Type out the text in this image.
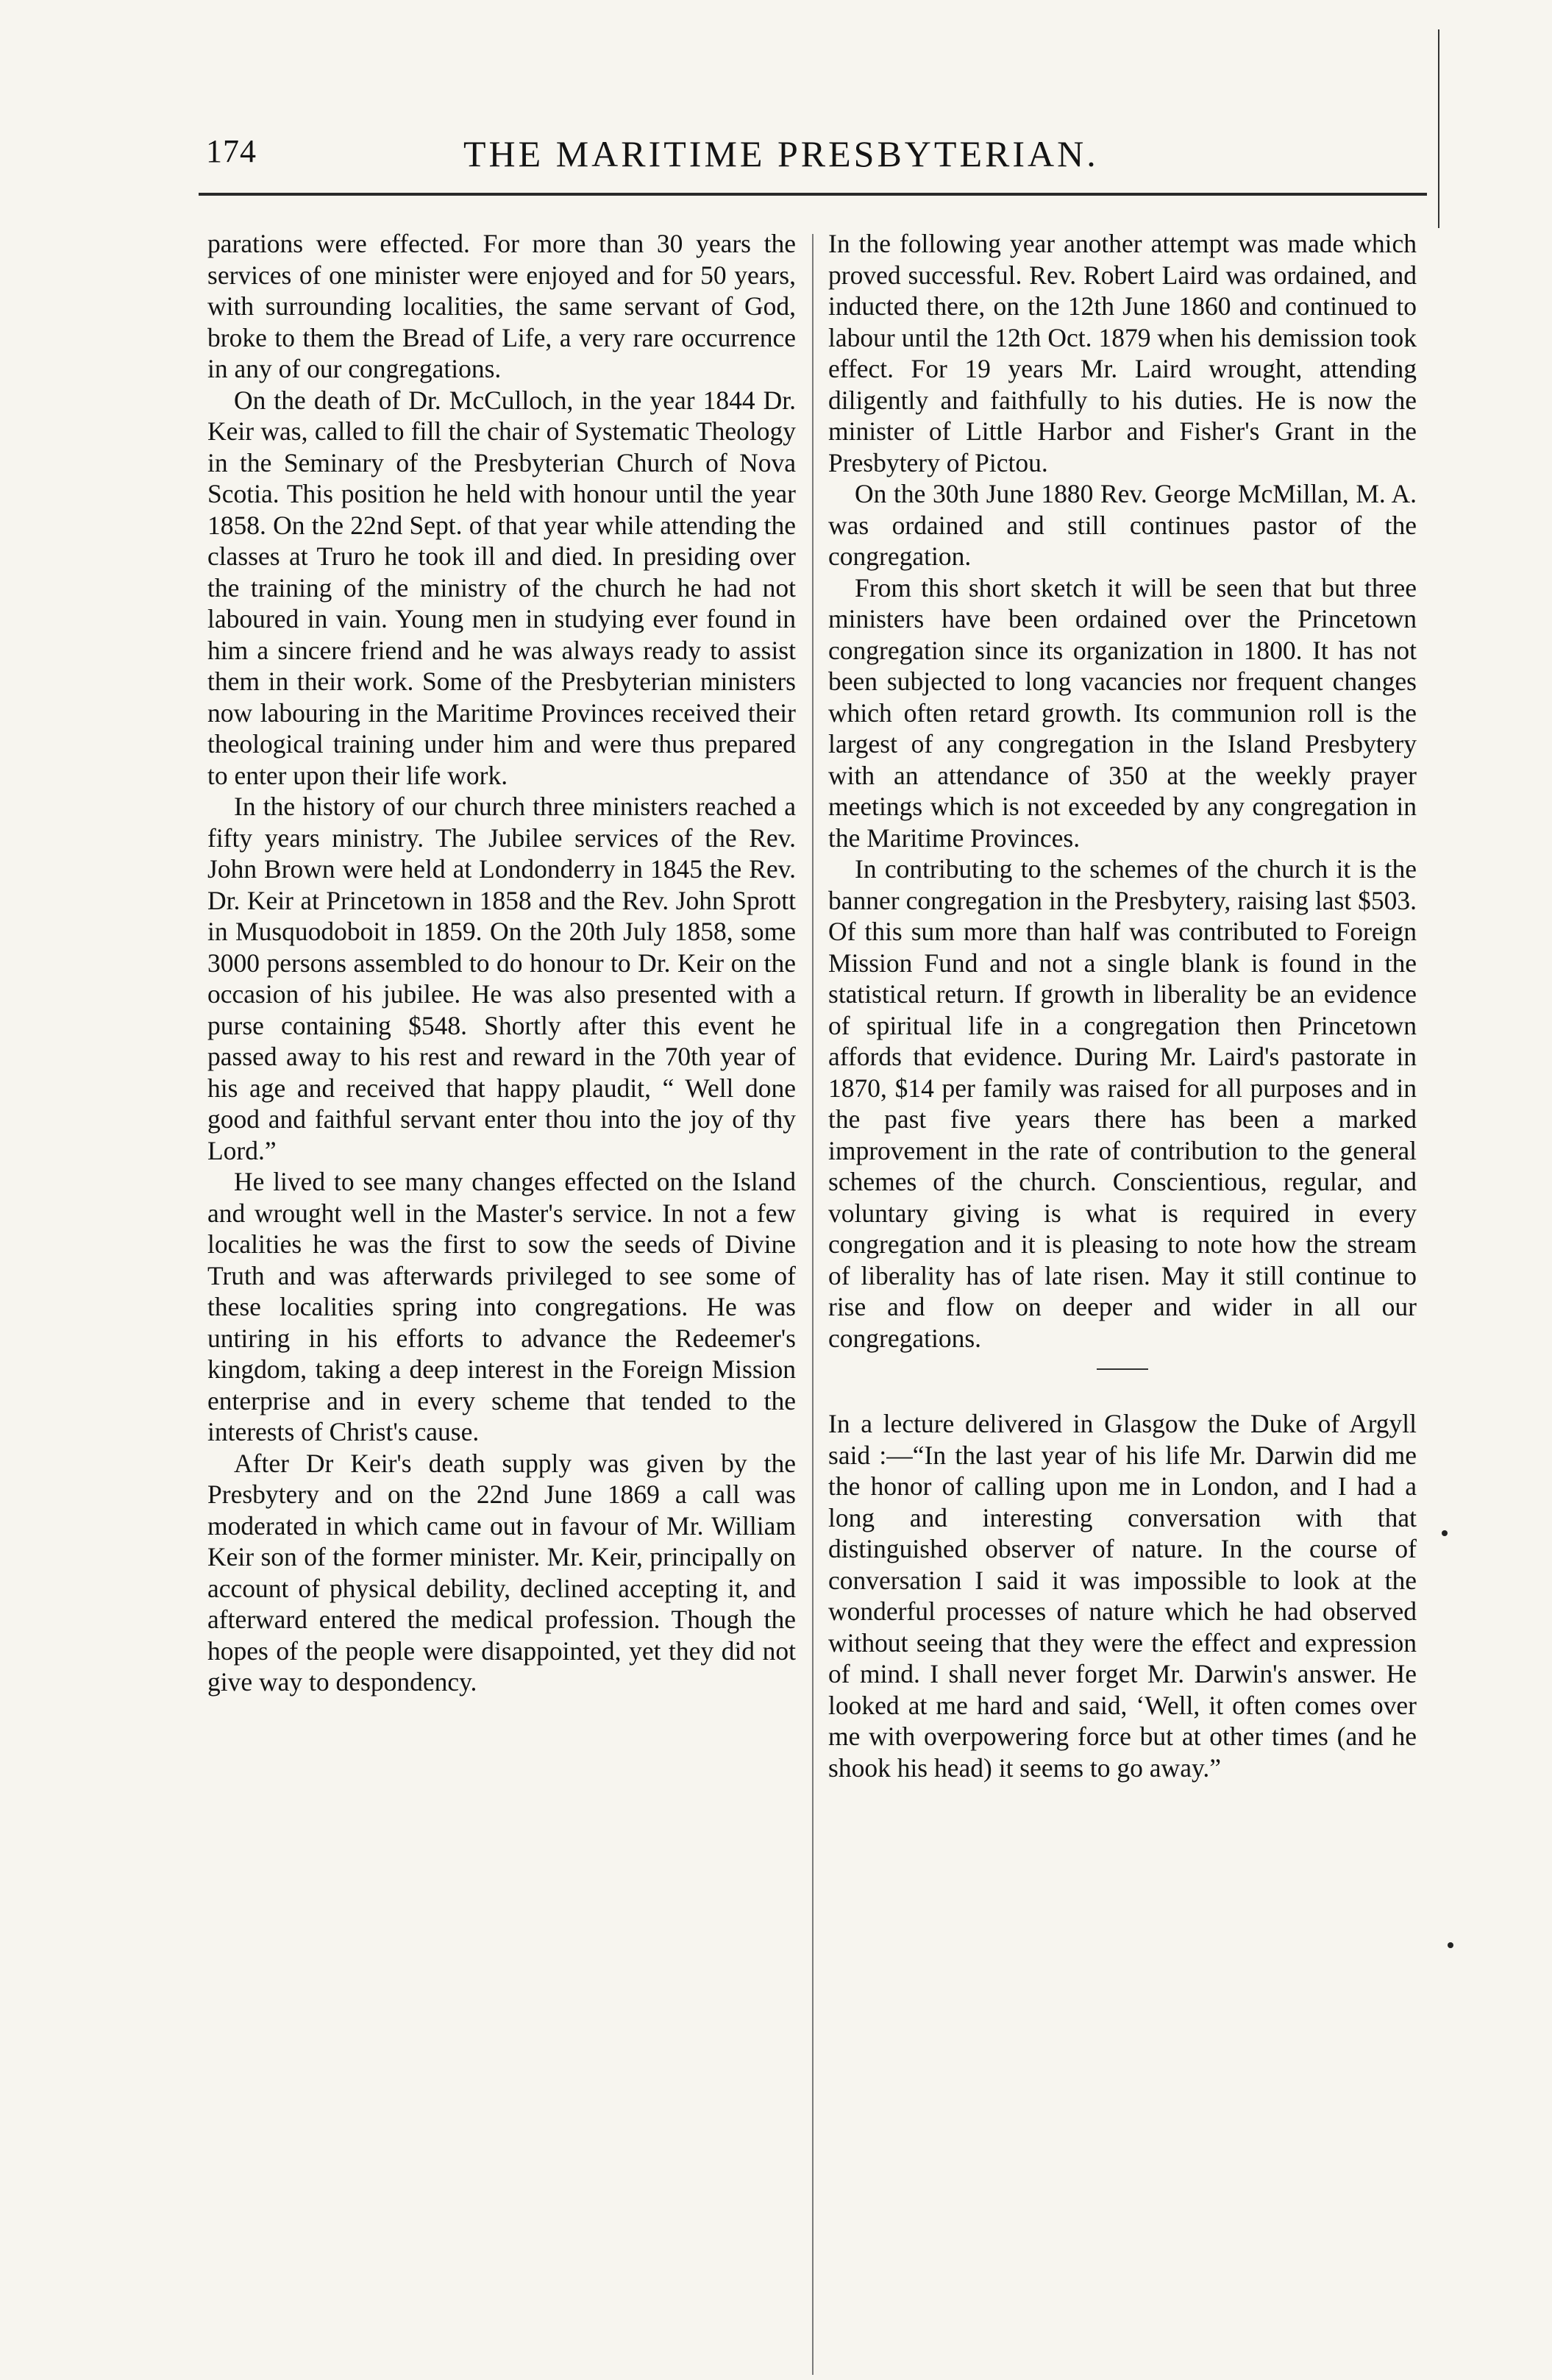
174	THE MARITIME PRESBYTERIAN.

parations were effected. For more than 30 years the services of one minister were enjoyed and for 50 years, with surrounding localities, the same servant of God, broke to them the Bread of Life, a very rare occurrence in any of our congregations.

On the death of Dr. McCulloch, in the year 1844 Dr. Keir was, called to fill the chair of Systematic Theology in the Seminary of the Presbyterian Church of Nova Scotia. This position he held with honour until the year 1858. On the 22nd Sept. of that year while attending the classes at Truro he took ill and died. In presiding over the training of the ministry of the church he had not laboured in vain. Young men in studying ever found in him a sincere friend and he was always ready to assist them in their work. Some of the Presbyterian ministers now labouring in the Maritime Provinces received their theological training under him and were thus prepared to enter upon their life work.

In the history of our church three ministers reached a fifty years ministry. The Jubilee services of the Rev. John Brown were held at Londonderry in 1845 the Rev. Dr. Keir at Princetown in 1858 and the Rev. John Sprott in Musquodoboit in 1859. On the 20th July 1858, some 3000 persons assembled to do honour to Dr. Keir on the occasion of his jubilee. He was also presented with a purse containing $548. Shortly after this event he passed away to his rest and reward in the 70th year of his age and received that happy plaudit, “ Well done good and faithful servant enter thou into the joy of thy Lord.”

He lived to see many changes effected on the Island and wrought well in the Master's service. In not a few localities he was the first to sow the seeds of Divine Truth and was afterwards privileged to see some of these localities spring into congregations. He was untiring in his efforts to advance the Redeemer's kingdom, taking a deep interest in the Foreign Mission enterprise and in every scheme that tended to the interests of Christ's cause.

After Dr Keir's death supply was given by the Presbytery and on the 22nd June 1869 a call was moderated in which came out in favour of Mr. William Keir son of the former minister. Mr. Keir, principally on account of physical debility, declined accepting it, and afterward entered the medical profession. Though the hopes of the people were disappointed, yet they did not give way to despondency.

In the following year another attempt was made which proved successful. Rev. Robert Laird was ordained, and inducted there, on the 12th June 1860 and continued to labour until the 12th Oct. 1879 when his demission took effect. For 19 years Mr. Laird wrought, attending diligently and faithfully to his duties. He is now the minister of Little Harbor and Fisher's Grant in the Presbytery of Pictou.

On the 30th June 1880 Rev. George McMillan, M. A. was ordained and still continues pastor of the congregation.

From this short sketch it will be seen that but three ministers have been ordained over the Princetown congregation since its organization in 1800. It has not been subjected to long vacancies nor frequent changes which often retard growth. Its communion roll is the largest of any congregation in the Island Presbytery with an attendance of 350 at the weekly prayer meetings which is not exceeded by any congregation in the Maritime Provinces.

In contributing to the schemes of the church it is the banner congregation in the Presbytery, raising last $503. Of this sum more than half was contributed to Foreign Mission Fund and not a single blank is found in the statistical return. If growth in liberality be an evidence of spiritual life in a congregation then Princetown affords that evidence. During Mr. Laird's pastorate in 1870, $14 per family was raised for all purposes and in the past five years there has been a marked improvement in the rate of contribution to the general schemes of the church. Conscientious, regular, and voluntary giving is what is required in every congregation and it is pleasing to note how the stream of liberality has of late risen. May it still continue to rise and flow on deeper and wider in all our congregations.

In a lecture delivered in Glasgow the Duke of Argyll said :—“In the last year of his life Mr. Darwin did me the honor of calling upon me in London, and I had a long and interesting conversation with that distinguished observer of nature. In the course of conversation I said it was impossible to look at the wonderful processes of nature which he had observed without seeing that they were the effect and expression of mind. I shall never forget Mr. Darwin's answer. He looked at me hard and said, ‘Well, it often comes over me with overpowering force but at other times (and he shook his head) it seems to go away.”
